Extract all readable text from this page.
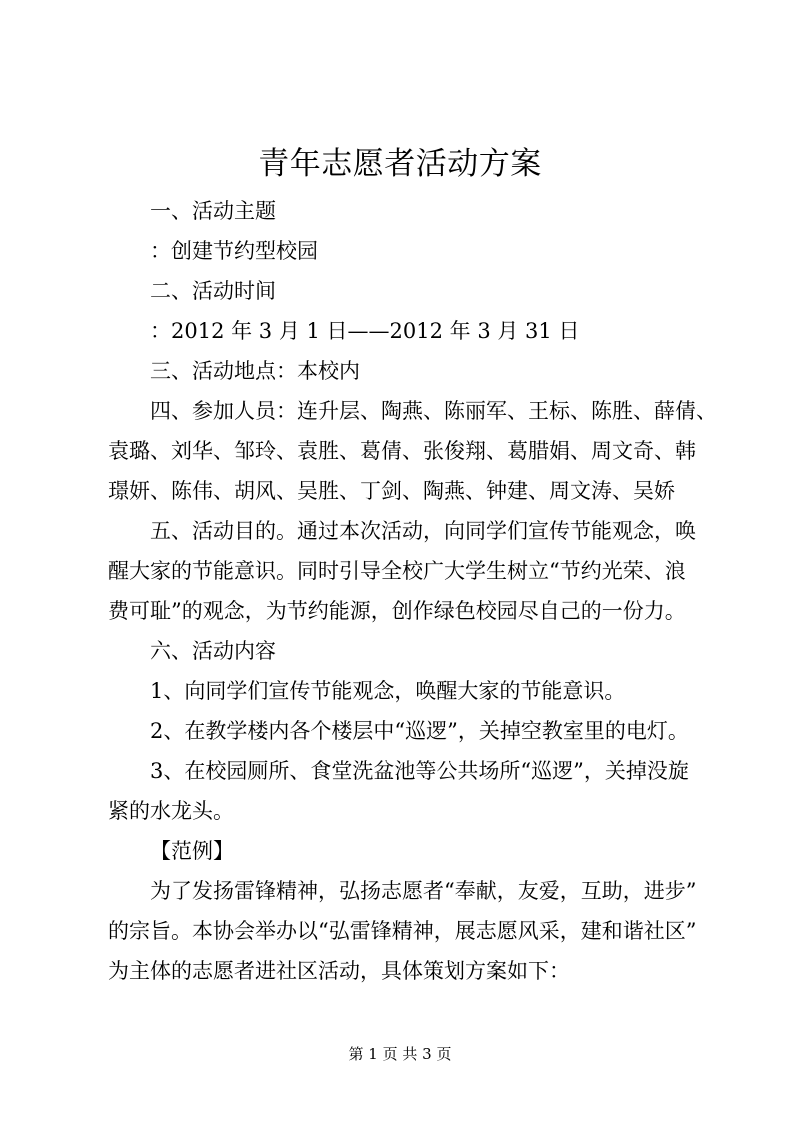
青年志愿者活动方案
一、活动主题
：创建节约型校园
二、活动时间
：2012 年 3 月 1 日——2012 年 3 月 31 日
三、活动地点：本校内
四、参加人员：连升层、陶燕、陈丽军、王标、陈胜、薛倩、
袁璐、刘华、邹玲、袁胜、葛倩、张俊翔、葛腊娟、周文奇、韩
璟妍、陈伟、胡风、吴胜、丁剑、陶燕、钟建、周文涛、吴娇
五、活动目的。通过本次活动，向同学们宣传节能观念，唤
醒大家的节能意识。同时引导全校广大学生树立“节约光荣、浪
费可耻”的观念，为节约能源，创作绿色校园尽自己的一份力。
六、活动内容
1、向同学们宣传节能观念，唤醒大家的节能意识。
2、在教学楼内各个楼层中“巡逻”，关掉空教室里的电灯。
3、在校园厕所、食堂洗盆池等公共场所“巡逻”，关掉没旋
紧的水龙头。
【范例】
为了发扬雷锋精神，弘扬志愿者“奉献，友爱，互助，进步”
的宗旨。本协会举办以“弘雷锋精神，展志愿风采，建和谐社区”
为主体的志愿者进社区活动，具体策划方案如下：
第 1 页 共 3 页
